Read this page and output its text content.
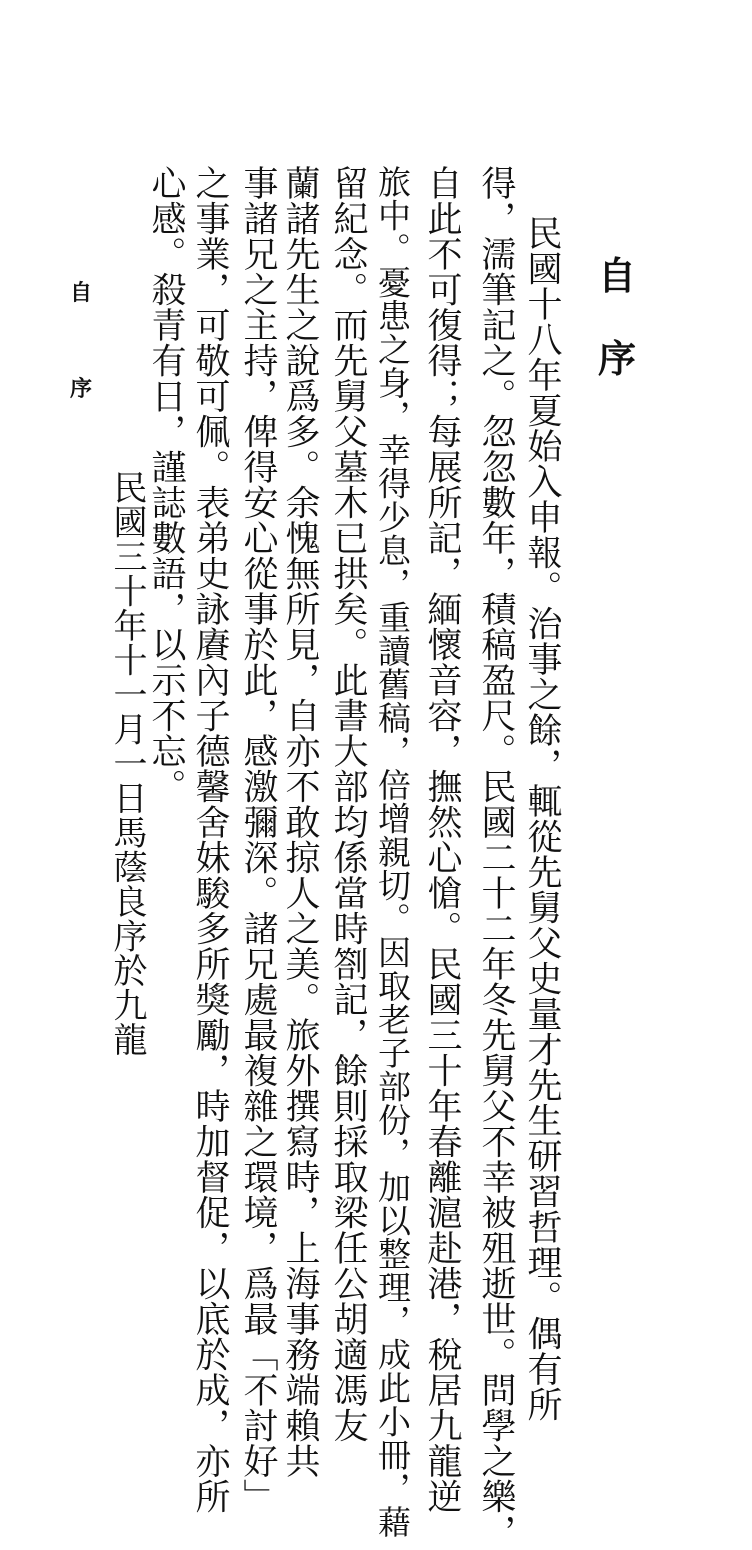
自
序
民國十八年夏始入申報。治事之餘，輒從先舅父史量才先生研習哲理。偶有所
得，濡筆記之。忽忽數年，積稿盈尺。民國二十二年冬先舅父不幸被殂逝世。問學之樂，
自此不可復得；每展所記，緬懷音容，撫然心愴。民國三十年春離滬赴港，稅居九龍逆
旅中。憂患之身，幸得少息，重讀舊稿，倍增親切。因取老子部份，加以整理，成此小冊，藉
留紀念。而先舅父墓木已拱矣。此書大部均係當時劄記，餘則採取梁任公胡適馮友
蘭諸先生之說爲多。余愧無所見，自亦不敢掠人之美。旅外撰寫時，上海事務端賴共
事諸兄之主持，俾得安心從事於此，感激彌深。諸兄處最複雜之環境，爲最「不討好」
之事業，可敬可佩。表弟史詠賡內子德馨舍妹駿多所獎勵，時加督促，以底於成，亦所
心感。殺青有日，謹誌數語，以示不忘。
民國三十年十一月一日馬蔭良序於九龍
自
序
